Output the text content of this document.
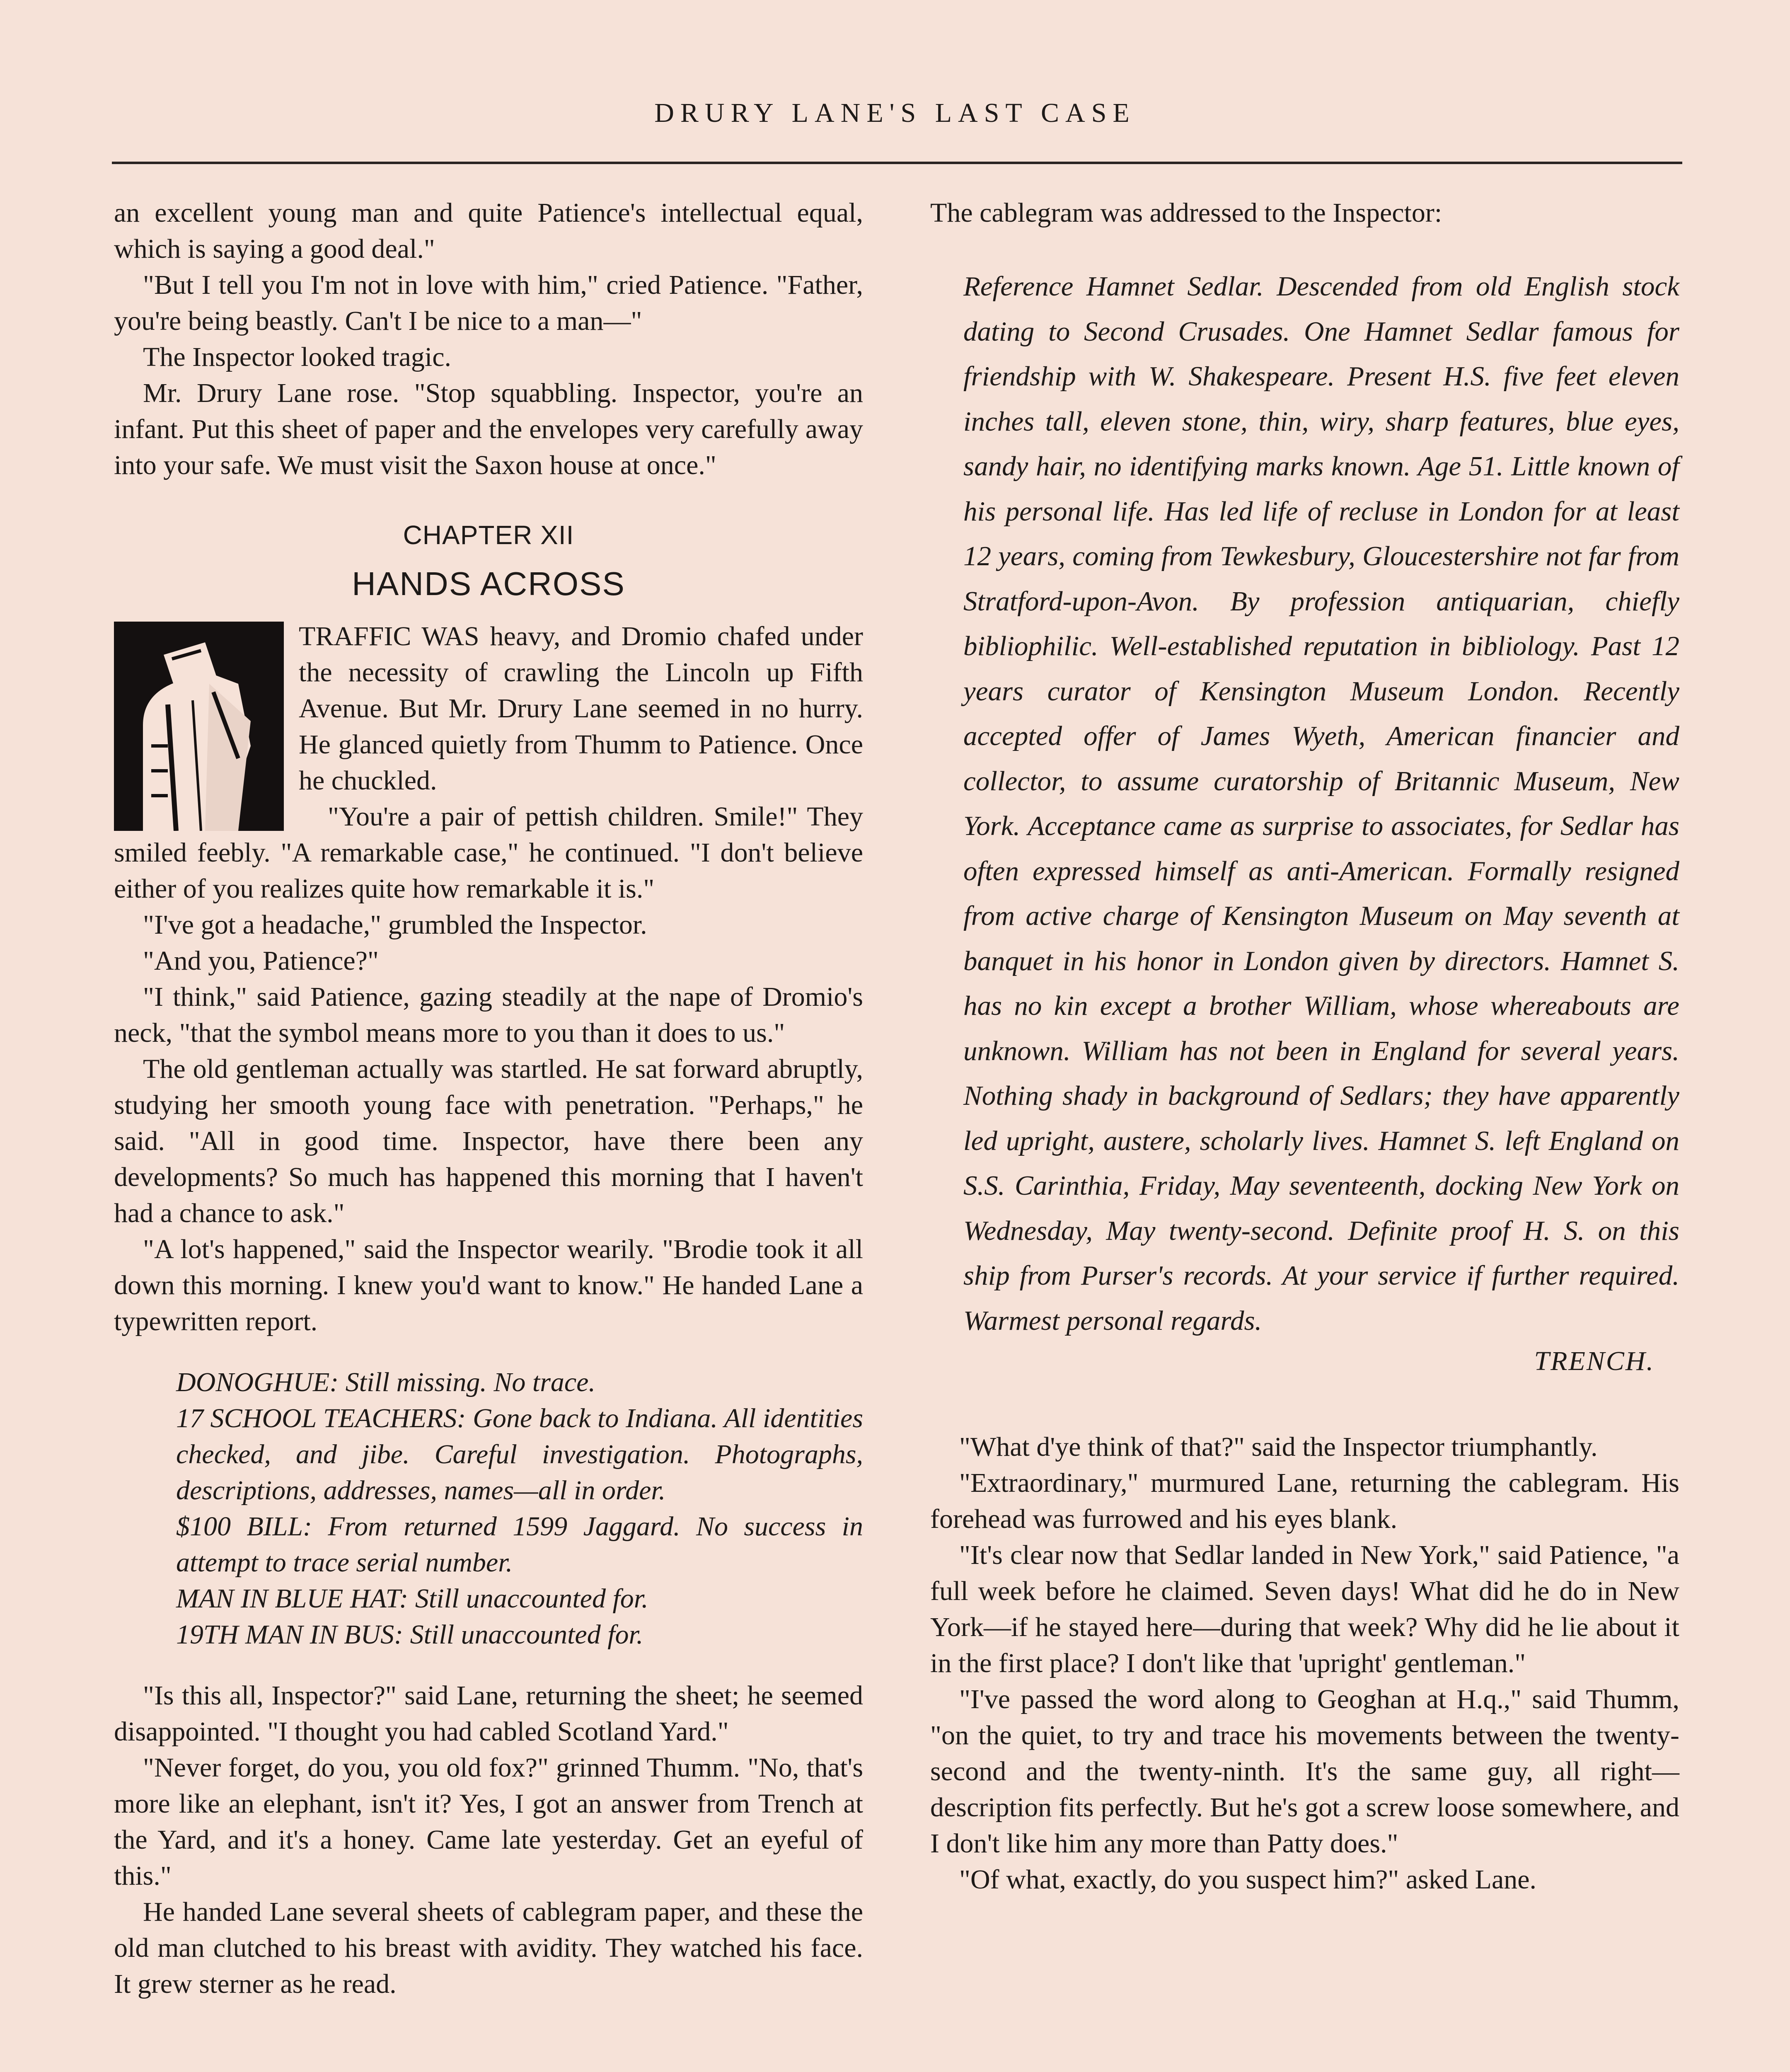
DRURY LANE'S LAST CASE

an excellent young man and quite Patience's intellectual equal, which is saying a good deal."

"But I tell you I'm not in love with him," cried Patience. "Father, you're being beastly. Can't I be nice to a man—"

The Inspector looked tragic.

Mr. Drury Lane rose. "Stop squabbling. Inspector, you're an infant. Put this sheet of paper and the envelopes very carefully away into your safe. We must visit the Saxon house at once."

CHAPTER XII
HANDS ACROSS

TRAFFIC WAS heavy, and Dromio chafed under the necessity of crawling the Lincoln up Fifth Avenue. But Mr. Drury Lane seemed in no hurry. He glanced quietly from Thumm to Patience. Once he chuckled.

"You're a pair of pettish children. Smile!" They smiled feebly. "A remarkable case," he continued. "I don't believe either of you realizes quite how remarkable it is."

"I've got a headache," grumbled the Inspector.

"And you, Patience?"

"I think," said Patience, gazing steadily at the nape of Dromio's neck, "that the symbol means more to you than it does to us."

The old gentleman actually was startled. He sat forward abruptly, studying her smooth young face with penetration. "Perhaps," he said. "All in good time. Inspector, have there been any developments? So much has happened this morning that I haven't had a chance to ask."

"A lot's happened," said the Inspector wearily. "Brodie took it all down this morning. I knew you'd want to know." He handed Lane a typewritten report.

DONOGHUE: Still missing. No trace.

17 SCHOOL TEACHERS: Gone back to Indiana. All identities checked, and jibe. Careful investigation. Photographs, descriptions, addresses, names—all in order.

$100 BILL: From returned 1599 Jaggard. No success in attempt to trace serial number.

MAN IN BLUE HAT: Still unaccounted for.

19TH MAN IN BUS: Still unaccounted for.

"Is this all, Inspector?" said Lane, returning the sheet; he seemed disappointed. "I thought you had cabled Scotland Yard."

"Never forget, do you, you old fox?" grinned Thumm. "No, that's more like an elephant, isn't it? Yes, I got an answer from Trench at the Yard, and it's a honey. Came late yesterday. Get an eyeful of this."

He handed Lane several sheets of cablegram paper, and these the old man clutched to his breast with avidity. They watched his face. It grew sterner as he read.

The cablegram was addressed to the Inspector:

Reference Hamnet Sedlar. Descended from old English stock dating to Second Crusades. One Hamnet Sedlar famous for friendship with W. Shakespeare. Present H.S. five feet eleven inches tall, eleven stone, thin, wiry, sharp features, blue eyes, sandy hair, no identifying marks known. Age 51. Little known of his personal life. Has led life of recluse in London for at least 12 years, coming from Tewkesbury, Gloucestershire not far from Stratford-upon-Avon. By profession antiquarian, chiefly bibliophilic. Well-established reputation in bibliology. Past 12 years curator of Kensington Museum London. Recently accepted offer of James Wyeth, American financier and collector, to assume curatorship of Britannic Museum, New York. Acceptance came as surprise to associates, for Sedlar has often expressed himself as anti-American. Formally resigned from active charge of Kensington Museum on May seventh at banquet in his honor in London given by directors. Hamnet S. has no kin except a brother William, whose whereabouts are unknown. William has not been in England for several years. Nothing shady in background of Sedlars; they have apparently led upright, austere, scholarly lives. Hamnet S. left England on S.S. Carinthia, Friday, May seventeenth, docking New York on Wednesday, May twenty-second. Definite proof H. S. on this ship from Purser's records. At your service if further required. Warmest personal regards.

TRENCH.

"What d'ye think of that?" said the Inspector triumphantly.

"Extraordinary," murmured Lane, returning the cablegram. His forehead was furrowed and his eyes blank.

"It's clear now that Sedlar landed in New York," said Patience, "a full week before he claimed. Seven days! What did he do in New York—if he stayed here—during that week? Why did he lie about it in the first place? I don't like that 'upright' gentleman."

"I've passed the word along to Geoghan at H.q.," said Thumm, "on the quiet, to try and trace his movements between the twenty-second and the twenty-ninth. It's the same guy, all right—description fits perfectly. But he's got a screw loose somewhere, and I don't like him any more than Patty does."

"Of what, exactly, do you suspect him?" asked Lane.
